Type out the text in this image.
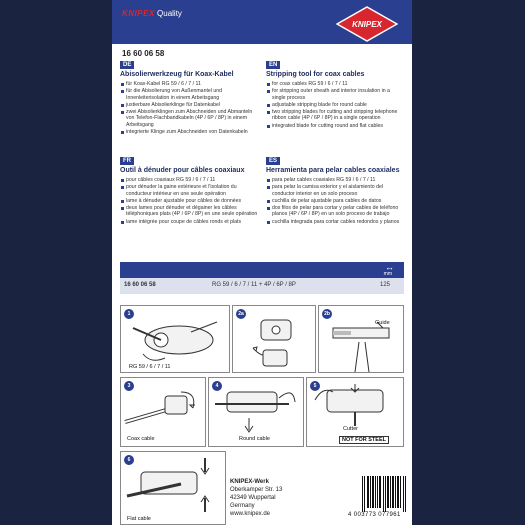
KNIPEX Quality
KNIPEX
16 60 06 58
DE
Abisolierwerkzeug für Koax-Kabel
für Koax-Kabel RG 59 / 6 / 7 / 11
für die Abisolierung von Außenmantel und Innenleiterisolation in einem Arbeitsgang
justierbare Abisolierklinge für Datenkabel
zwei Abisolierklingen zum Abschneiden und Abmanteln von Telefon-Flachbandkabeln (4P / 6P / 8P) in einem Arbeitsgang
integrierte Klinge zum Abschneiden von Datenkabeln
EN
Stripping tool for coax cables
for coax cables RG 59 / 6 / 7 / 11
for stripping outer sheath and interior insulation in a single process
adjustable stripping blade for round cable
two stripping blades for cutting and stripping telephone ribbon cable (4P / 6P / 8P) in a single operation
integrated blade for cutting round and flat cables
FR
Outil à dénuder pour câbles coaxiaux
pour câbles coaxiaux RG 59 / 6 / 7 / 11
pour dénuder la gaine extérieure et l'isolation du conducteur intérieur en une seule opération
lame à dénuder ajustable pour câbles de données
deux lames pour dénuder et dégainer les câbles téléphoniques plats (4P / 6P / 8P) en une seule opération
lame intégrée pour coupe de câbles ronds et plats
ES
Herramienta para pelar cables coaxiales
para pelar cables coaxiales RG 59 / 6 / 7 / 11
para pelar la camisa exterior y el aislamiento del conductor interior en un solo proceso
cuchilla de pelar ajustable para cables de datos
dos filos de pelar para cortar y pelar cables de teléfono planos (4P / 6P / 8P) en un solo proceso de trabajo
cuchilla integrada para cortar cables redondos y planos
↔
mm
16 60 06 58	RG 59 / 6 / 7 / 11 + 4P / 6P / 8P	125
1
RG 59 / 6 / 7 / 11
2a	2b
Guide
3
Coax cable
4
Round cable
5
Cutter
NOT FOR STEEL
6
Flat cable
KNIPEX-Werk
Oberkamper Str. 13
42349 Wuppertal
Germany
www.knipex.de	4 003773 077961
